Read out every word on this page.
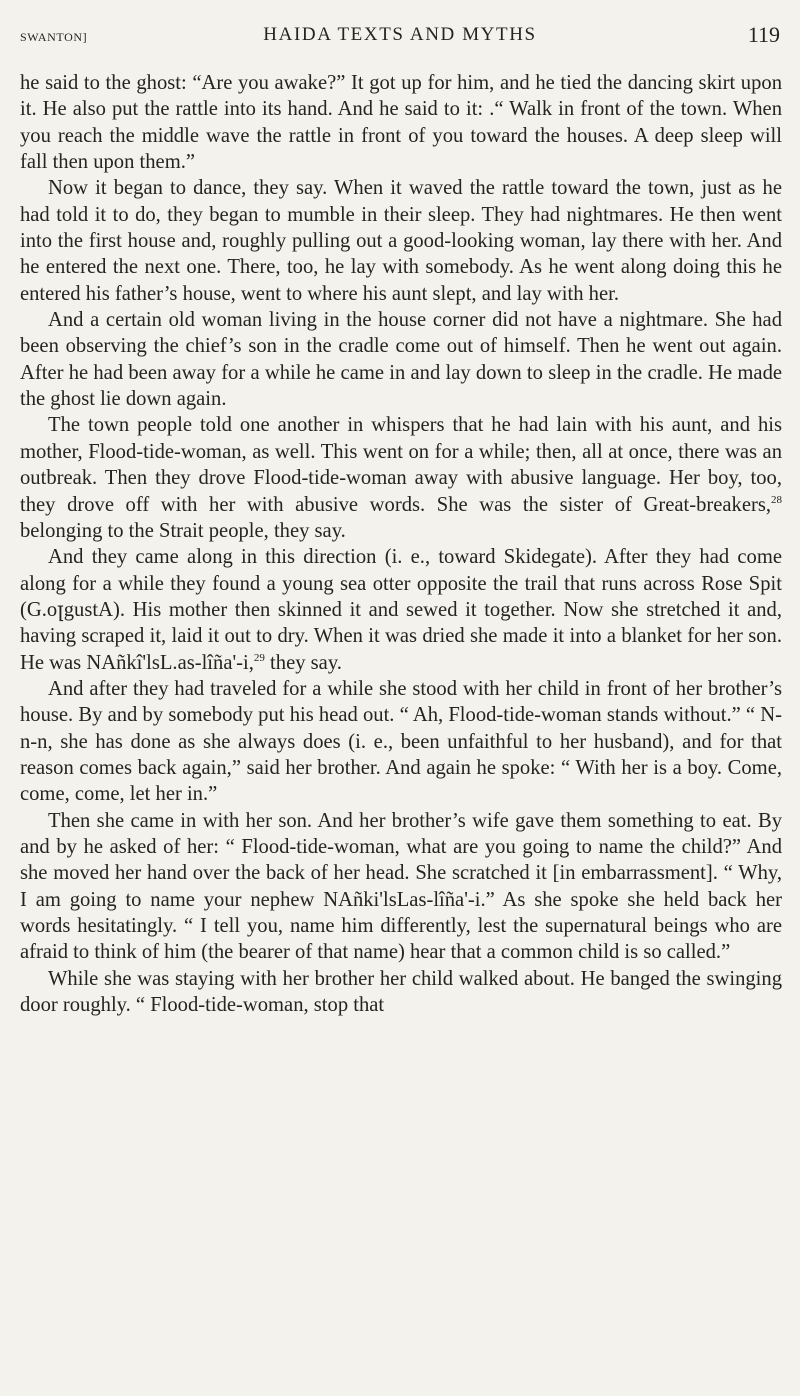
SWANTON]	HAIDA TEXTS AND MYTHS	119

he said to the ghost: “Are you awake?” It got up for him, and he tied the dancing skirt upon it. He also put the rattle into its hand. And he said to it: .“ Walk in front of the town. When you reach the middle wave the rattle in front of you toward the houses. A deep sleep will fall then upon them.”

Now it began to dance, they say. When it waved the rattle toward the town, just as he had told it to do, they began to mumble in their sleep. They had nightmares. He then went into the first house and, roughly pulling out a good-looking woman, lay there with her. And he entered the next one. There, too, he lay with somebody. As he went along doing this he entered his father’s house, went to where his aunt slept, and lay with her.

And a certain old woman living in the house corner did not have a nightmare. She had been observing the chief’s son in the cradle come out of himself. Then he went out again. After he had been away for a while he came in and lay down to sleep in the cradle. He made the ghost lie down again.

The town people told one another in whispers that he had lain with his aunt, and his mother, Flood-tide-woman, as well. This went on for a while; then, all at once, there was an outbreak. Then they drove Flood-tide-woman away with abusive language. Her boy, too, they drove off with her with abusive words. She was the sister of Great-breakers,$^{28}$ belonging to the Strait people, they say.

And they came along in this direction (i. e., toward Skidegate). After they had come along for a while they found a young sea otter opposite the trail that runs across Rose Spit (G.oꞁgustA). His mother then skinned it and sewed it together. Now she stretched it and, having scraped it, laid it out to dry. When it was dried she made it into a blanket for her son. He was NAñkî'lsL.as-lîña'-i,$^{29}$ they say.

And after they had traveled for a while she stood with her child in front of her brother’s house. By and by somebody put his head out. “ Ah, Flood-tide-woman stands without.” “ N-n-n, she has done as she always does (i. e., been unfaithful to her husband), and for that reason comes back again,” said her brother. And again he spoke: “ With her is a boy. Come, come, come, let her in.”

Then she came in with her son. And her brother’s wife gave them something to eat. By and by he asked of her: “ Flood-tide-woman, what are you going to name the child?” And she moved her hand over the back of her head. She scratched it [in embarrassment]. “ Why, I am going to name your nephew NAñki'lsLas-lîña'-i.” As she spoke she held back her words hesitatingly. “ I tell you, name him differently, lest the supernatural beings who are afraid to think of him (the bearer of that name) hear that a common child is so called.”

While she was staying with her brother her child walked about. He banged the swinging door roughly. “ Flood-tide-woman, stop that
